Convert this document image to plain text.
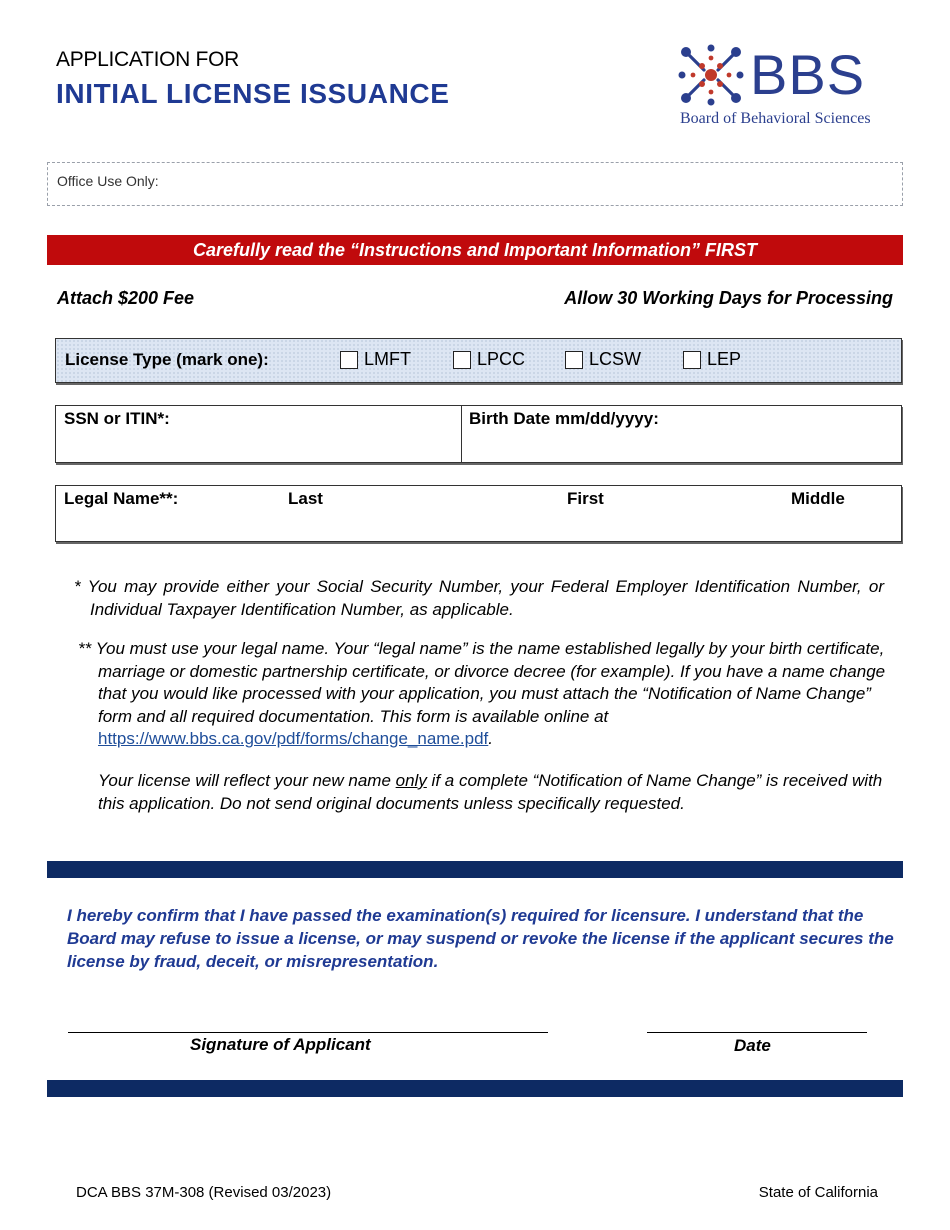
APPLICATION FOR
INITIAL LICENSE ISSUANCE	BBS
Board of Behavioral Sciences
Office Use Only:
Carefully read the “Instructions and Important Information” FIRST
Attach $200 Fee	Allow 30 Working Days for Processing
License Type (mark one):	LMFT	LPCC	LCSW	LEP
SSN or ITIN*:	Birth Date mm/dd/yyyy:
Legal Name**:	Last	First	Middle
* You may provide either your Social Security Number, your Federal Employer Identification Number, or Individual Taxpayer Identification Number, as applicable.
** You must use your legal name. Your “legal name” is the name established legally by your birth certificate, marriage or domestic partnership certificate, or divorce decree (for example). If you have a name change that you would like processed with your application, you must attach the “Notification of Name Change” form and all required documentation. This form is available online at https://www.bbs.ca.gov/pdf/forms/change_name.pdf.
Your license will reflect your new name only if a complete “Notification of Name Change” is received with this application. Do not send original documents unless specifically requested.
I hereby confirm that I have passed the examination(s) required for licensure. I understand that the Board may refuse to issue a license, or may suspend or revoke the license if the applicant secures the license by fraud, deceit, or misrepresentation.
Signature of Applicant	Date
DCA BBS 37M-308 (Revised 03/2023)	State of California
